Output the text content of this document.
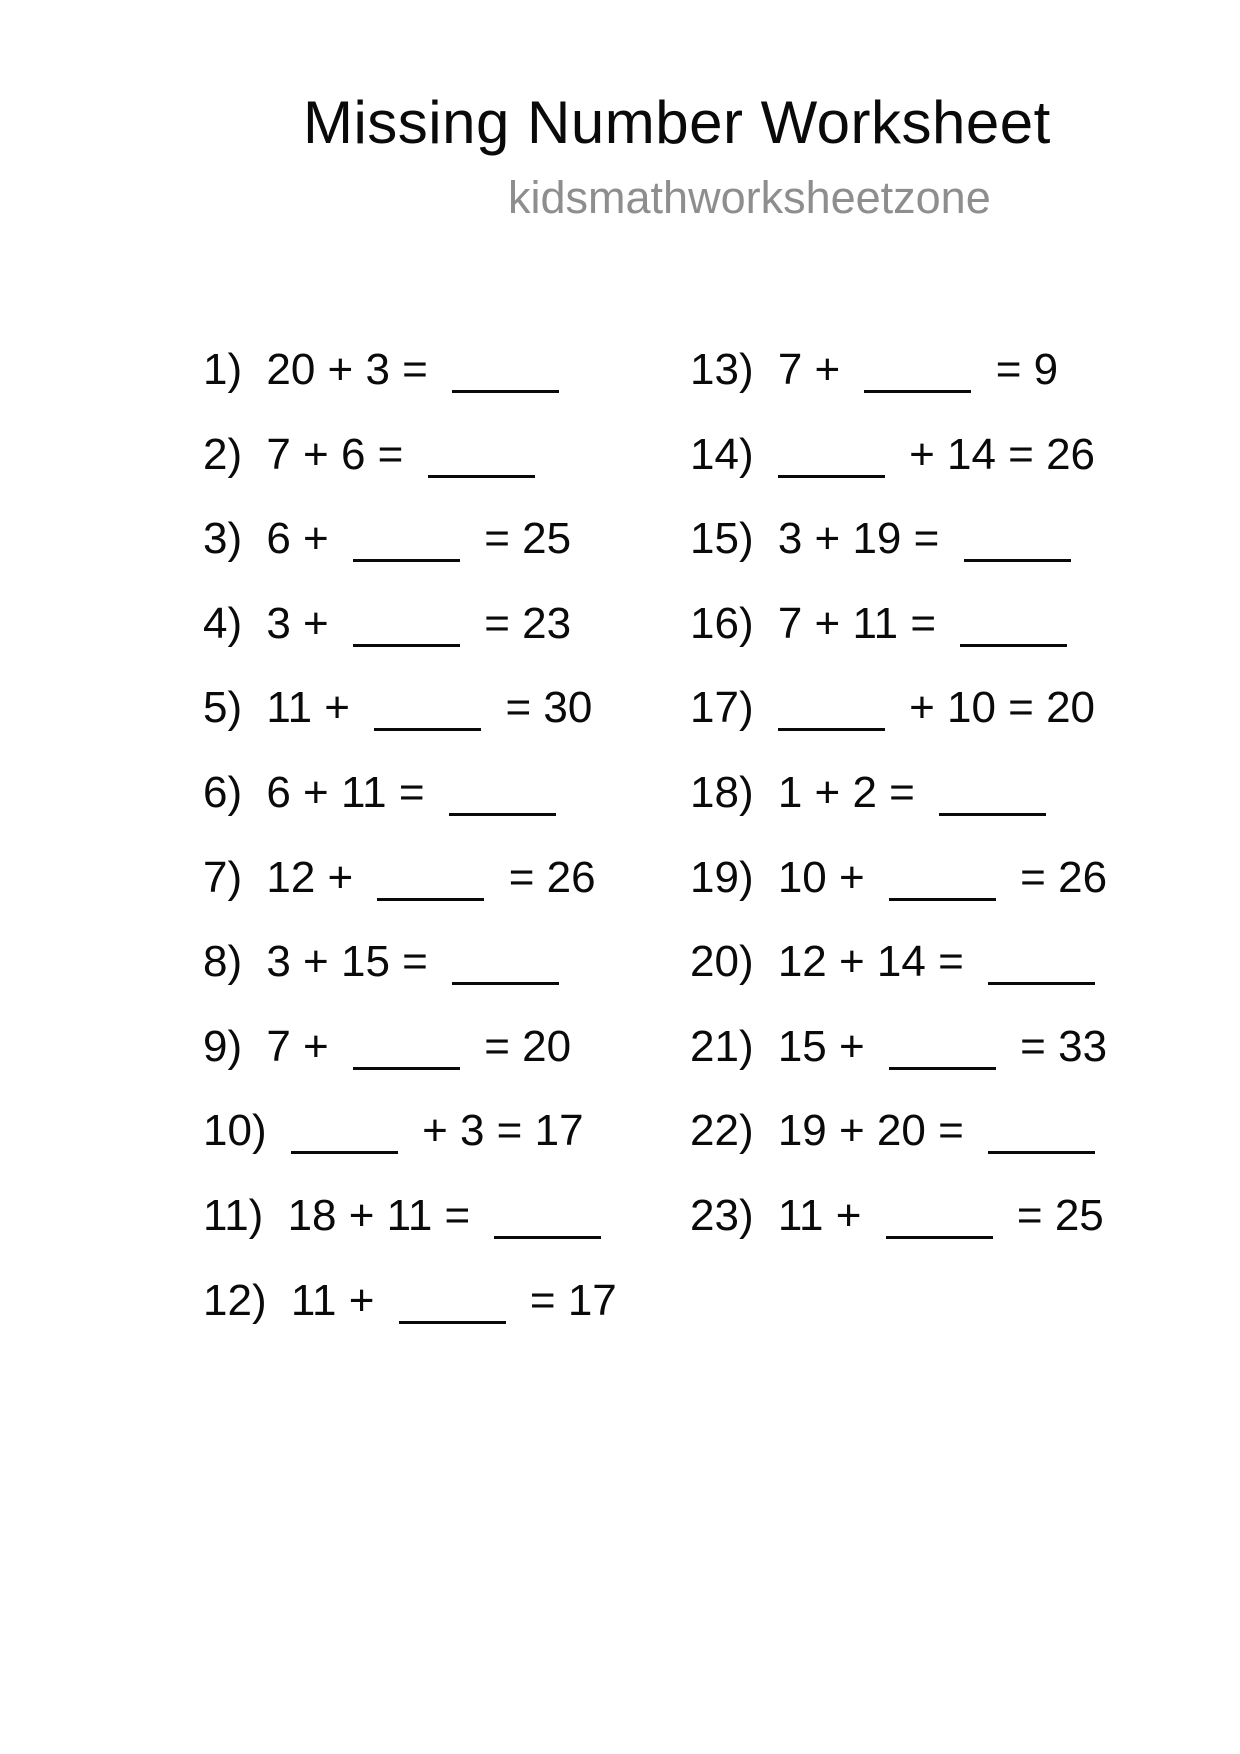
Missing Number Worksheet
kidsmathworksheetzone
1) 20 + 3 =
2) 7 + 6 =
3) 6 +	= 25
4) 3 +	= 23
5) 11 +	= 30
6) 6 + 11 =
7) 12 +	= 26
8) 3 + 15 =
9) 7 +	= 20
10)	+ 3 = 17
11) 18 + 11 =
12) 11 +	= 17
13) 7 +	= 9
14)	+ 14 = 26
15) 3 + 19 =
16) 7 + 11 =
17)	+ 10 = 20
18) 1 + 2 =
19) 10 +	= 26
20) 12 + 14 =
21) 15 +	= 33
22) 19 + 20 =
23) 11 +	= 25
